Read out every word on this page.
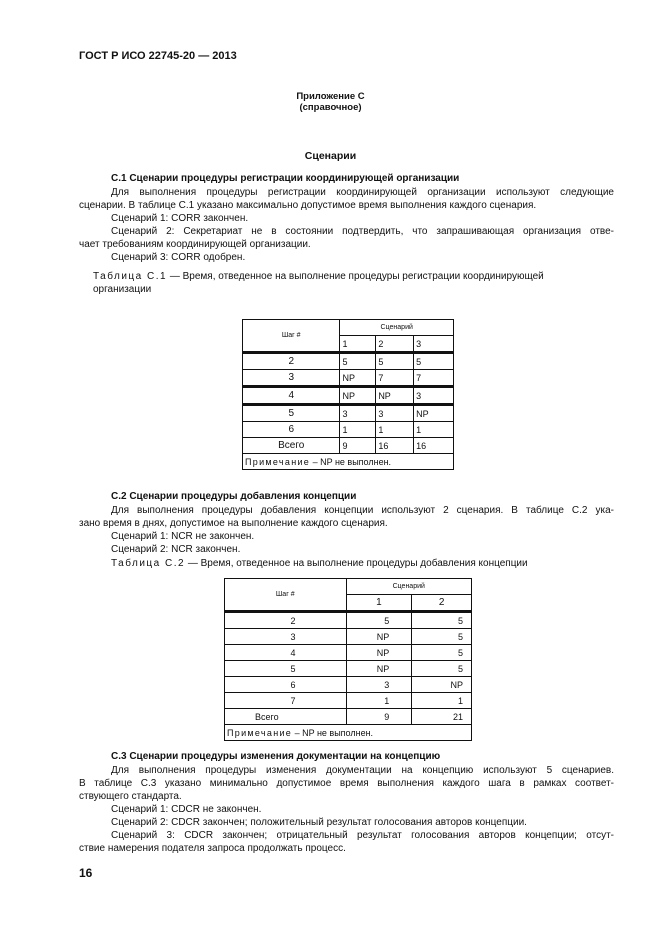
ГОСТ Р ИСО 22745-20 — 2013
Приложение С
(справочное)
Сценарии
С.1 Сценарии процедуры регистрации координирующей организации
Для выполнения процедуры регистрации координирующей организации используют следующие
сценарии. В таблице С.1 указано максимально допустимое время выполнения каждого сценария.
Сценарий 1: CORR закончен.
Сценарий 2: Секретариат не в состоянии подтвердить, что запрашивающая организация отве-
чает требованиям координирующей организации.
Сценарий 3: CORR одобрен.
Таблица С.1 — Время, отведенное на выполнение процедуры регистрации координирующей
организации
Шаг #	Сценарий		
	1	2	3
2	5	5	5
3	NP	7	7
4	NP	NP	3
5	3	3	NP
6	1	1	1
Всего	9	16	16
Примечание – NP не выполнен.			
С.2 Сценарии процедуры добавления концепции
Для выполнения процедуры добавления концепции используют 2 сценария. В таблице С.2 ука-
зано время в днях, допустимое на выполнение каждого сценария.
Сценарий 1: NCR не закончен.
Сценарий 2: NCR закончен.
Таблица С.2 — Время, отведенное на выполнение процедуры добавления концепции
Шаг #	Сценарий	
	1	2
2	5	5
3	NP	5
4	NP	5
5	NP	5
6	3	NP
7	1	1
Всего	9	21
Примечание – NP не выполнен.		
С.3 Сценарии процедуры изменения документации на концепцию
Для выполнения процедуры изменения документации на концепцию используют 5 сценариев.
В таблице С.3 указано минимально допустимое время выполнения каждого шага в рамках соответ-
ствующего стандарта.
Сценарий 1: CDCR не закончен.
Сценарий 2: CDCR закончен; положительный результат голосования авторов концепции.
Сценарий 3: CDCR закончен; отрицательный результат голосования авторов концепции; отсут-
ствие намерения подателя запроса продолжать процесс.
16
